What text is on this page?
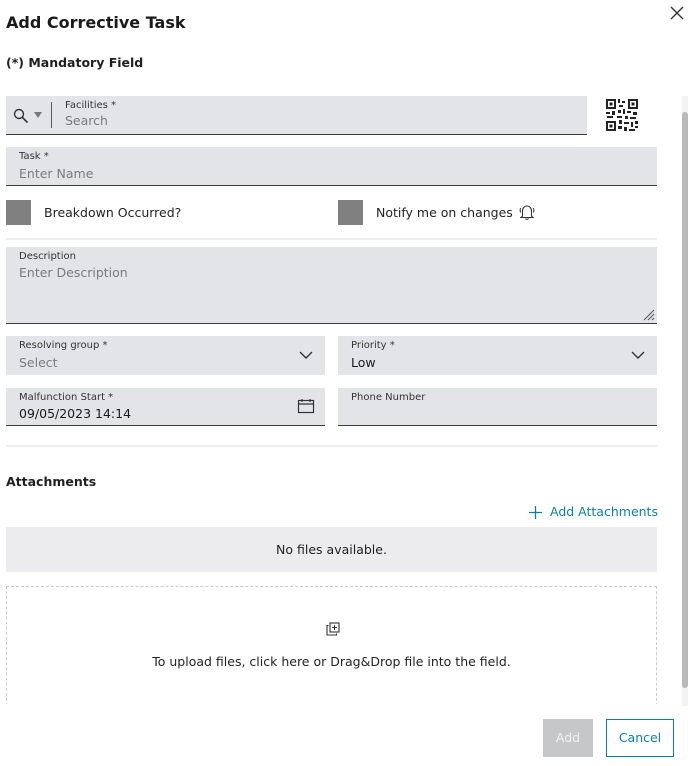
Add Corrective Task
(*) Mandatory Field
Facilities *
Search
Task *
Enter Name
Breakdown Occurred?	Notify me on changes
Description
Enter Description
Resolving group *
Select
Priority *
Low
Malfunction Start *
09/05/2023 14:14
Phone Number
Attachments
Add Attachments
No files available.
To upload files, click here or Drag&Drop file into the field.
Add	Cancel
